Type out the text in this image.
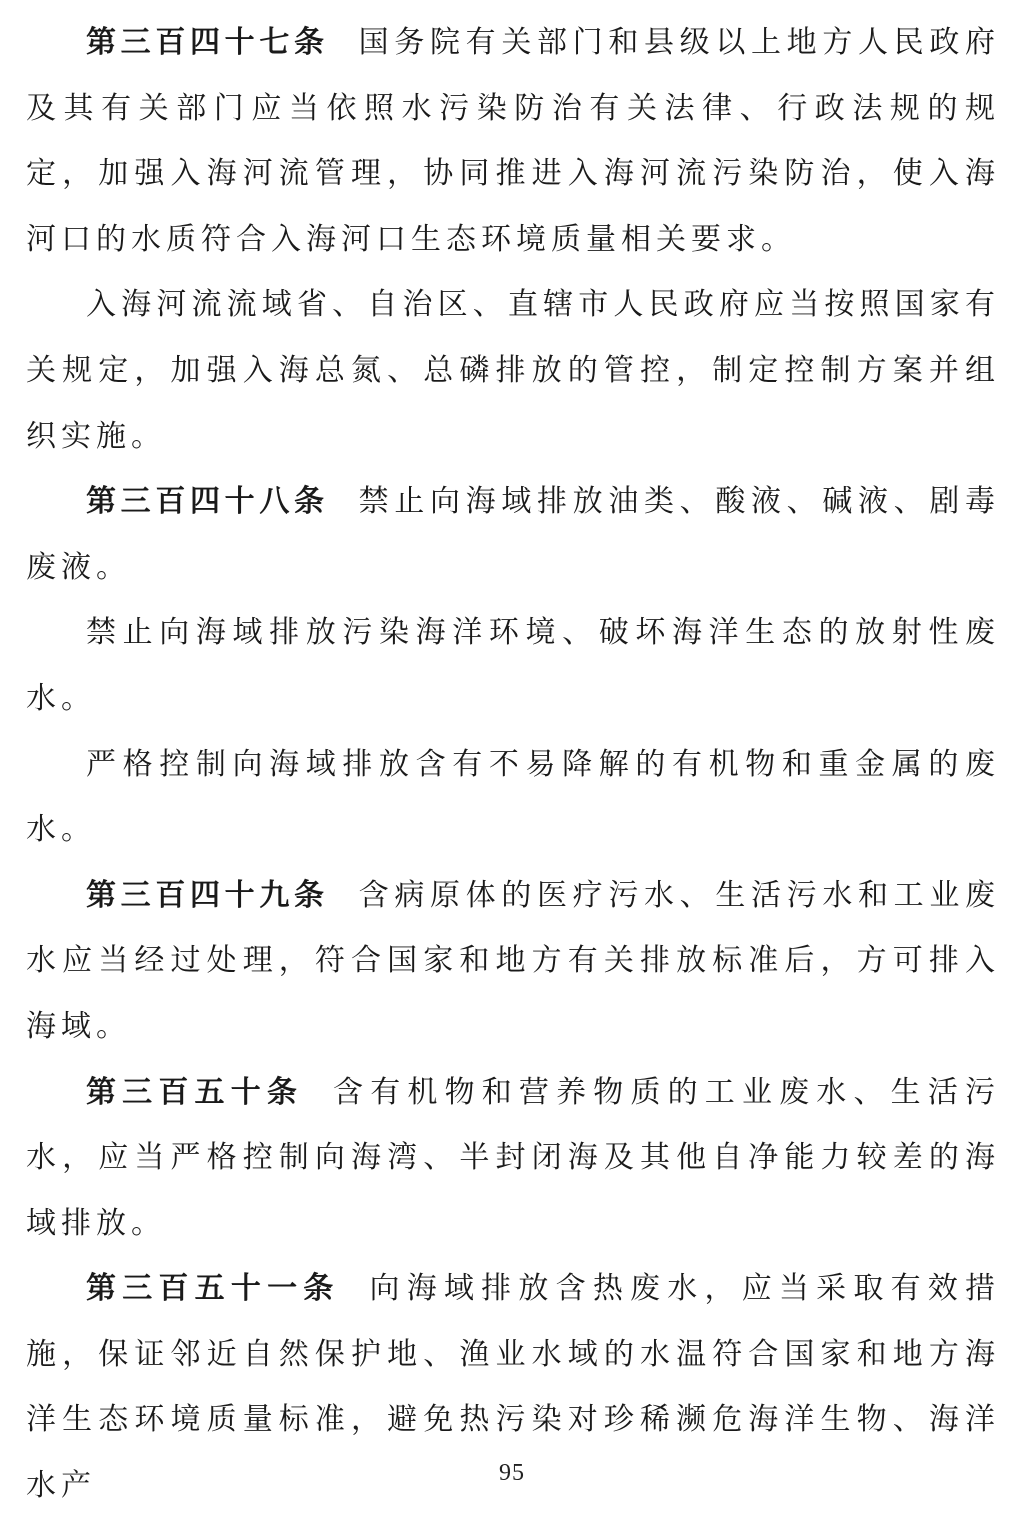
第三百四十七条 国务院有关部门和县级以上地方人民政府及其有关部门应当依照水污染防治有关法律、行政法规的规定，加强入海河流管理，协同推进入海河流污染防治，使入海河口的水质符合入海河口生态环境质量相关要求。

入海河流流域省、自治区、直辖市人民政府应当按照国家有关规定，加强入海总氮、总磷排放的管控，制定控制方案并组织实施。

第三百四十八条 禁止向海域排放油类、酸液、碱液、剧毒废液。

禁止向海域排放污染海洋环境、破坏海洋生态的放射性废水。

严格控制向海域排放含有不易降解的有机物和重金属的废水。

第三百四十九条 含病原体的医疗污水、生活污水和工业废水应当经过处理，符合国家和地方有关排放标准后，方可排入海域。

第三百五十条 含有机物和营养物质的工业废水、生活污水，应当严格控制向海湾、半封闭海及其他自净能力较差的海域排放。

第三百五十一条 向海域排放含热废水，应当采取有效措施，保证邻近自然保护地、渔业水域的水温符合国家和地方海洋生态环境质量标准，避免热污染对珍稀濒危海洋生物、海洋水产	95
